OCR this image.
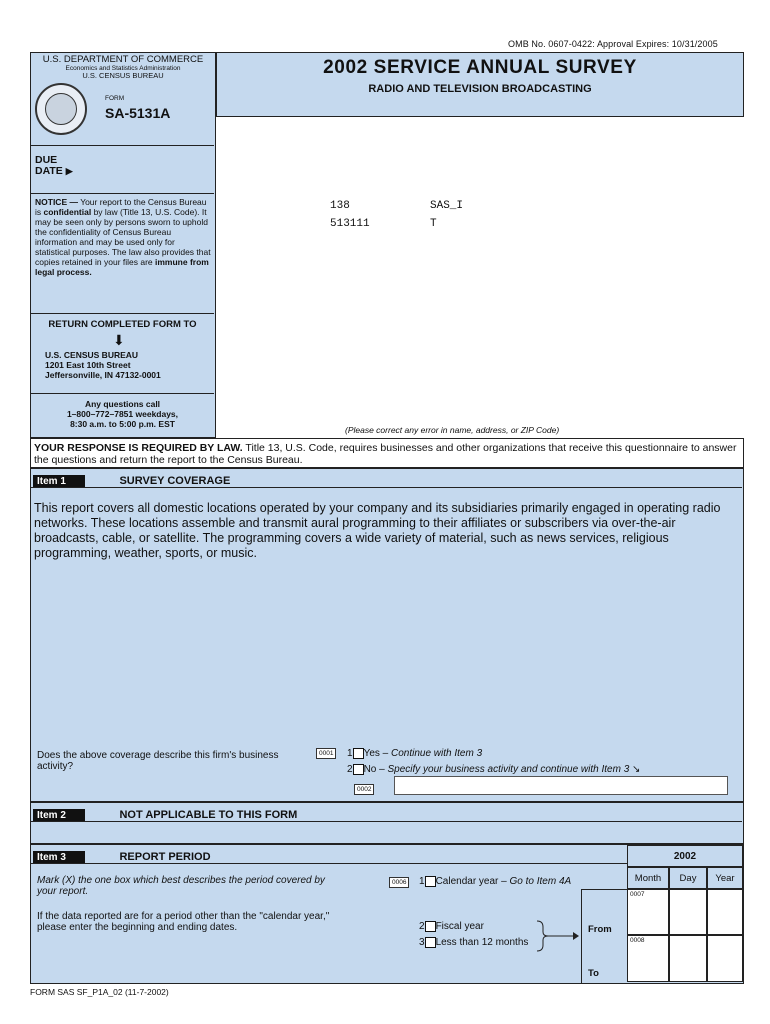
OMB No. 0607-0422: Approval Expires: 10/31/2005
U.S. DEPARTMENT OF COMMERCE
Economics and Statistics Administration
U.S. CENSUS BUREAU
FORM
SA-5131A
DUE DATE ▶
NOTICE — Your report to the Census Bureau is confidential by law (Title 13, U.S. Code). It may be seen only by persons sworn to uphold the confidentiality of Census Bureau information and may be used only for statistical purposes. The law also provides that copies retained in your files are immune from legal process.
RETURN COMPLETED FORM TO
⬇
U.S. CENSUS BUREAU
1201 East 10th Street
Jeffersonville, IN 47132-0001
Any questions call
1–800–772–7851 weekdays,
8:30 a.m. to 5:00 p.m. EST
2002 SERVICE ANNUAL SURVEY
RADIO AND TELEVISION BROADCASTING
138	SAS_I
513111	T
(Please correct any error in name, address, or ZIP Code)
YOUR RESPONSE IS REQUIRED BY LAW. Title 13, U.S. Code, requires businesses and other organizations that receive this questionnaire to answer the questions and return the report to the Census Bureau.
Item 1	SURVEY COVERAGE
This report covers all domestic locations operated by your company and its subsidiaries primarily engaged in operating radio networks. These locations assemble and transmit aural programming to their affiliates or subscribers via over-the-air broadcasts, cable, or satellite. The programming covers a wide variety of material, such as news services, religious programming, weather, sports, or music.
Does the above coverage describe this firm's business activity?
0001	1 Yes – Continue with Item 3
2 No – Specify your business activity and continue with Item 3 ↘
0002
Item 2	NOT APPLICABLE TO THIS FORM
Item 3	REPORT PERIOD
Mark (X) the one box which best describes the period covered by your report.
If the data reported are for a period other than the "calendar year," please enter the beginning and ending dates.
0006	1 Calendar year – Go to Item 4A
2 Fiscal year
3 Less than 12 months
From
To
2002
Month	Day	Year
0007
0008
FORM SAS SF_P1A_02 (11-7-2002)
